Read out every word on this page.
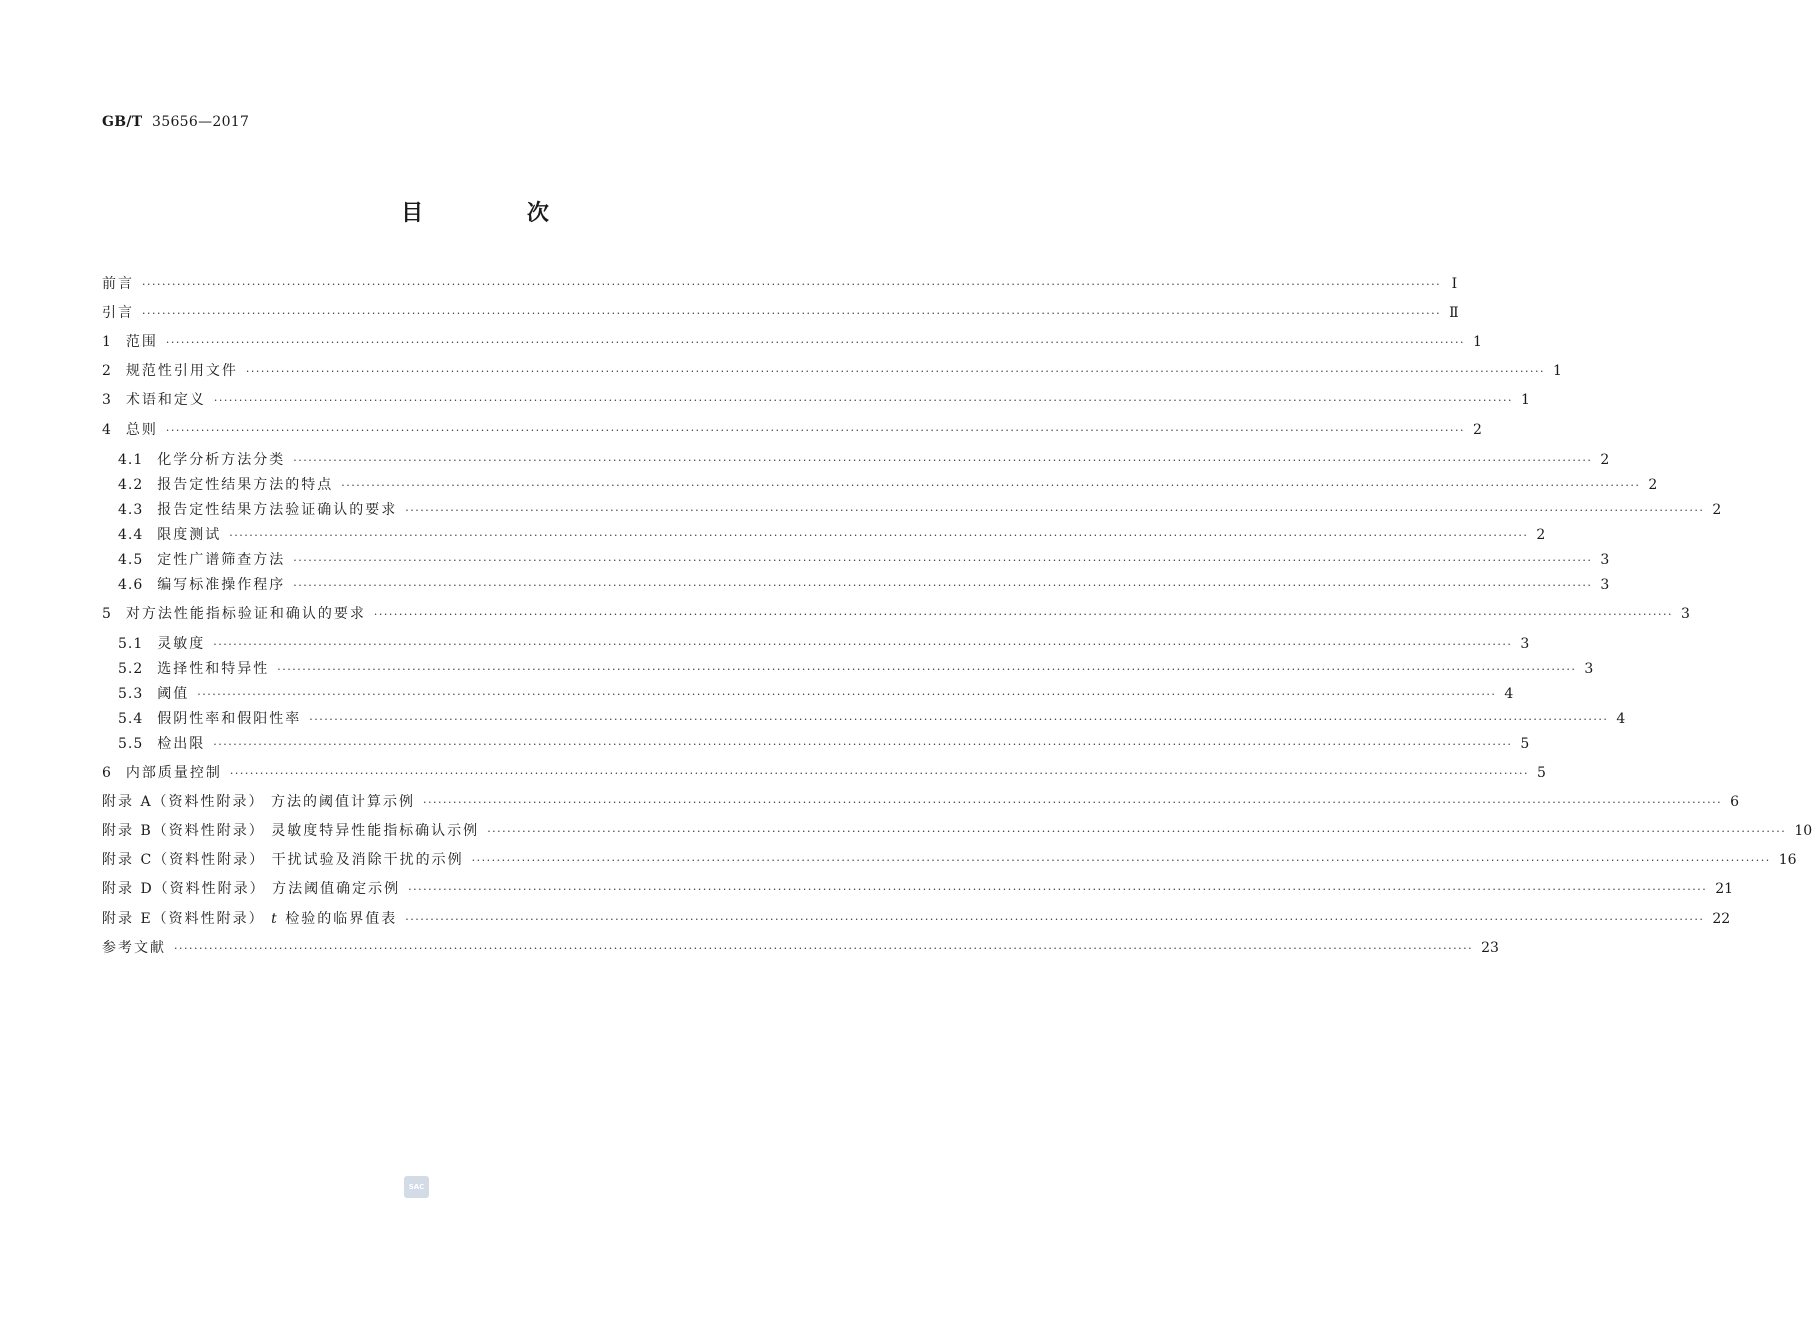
GB/T 35656—2017
目 次
前言 ···································································································································································································································································· Ⅰ
引言 ···································································································································································································································································· Ⅱ
1 范围 ···································································································································································································································································· 1
2 规范性引用文件 ···································································································································································································································································· 1
3 术语和定义 ···································································································································································································································································· 1
4 总则 ···································································································································································································································································· 2
4.1 化学分析方法分类 ···································································································································································································································································· 2
4.2 报告定性结果方法的特点 ···································································································································································································································································· 2
4.3 报告定性结果方法验证确认的要求 ···································································································································································································································································· 2
4.4 限度测试 ···································································································································································································································································· 2
4.5 定性广谱筛查方法 ···································································································································································································································································· 3
4.6 编写标准操作程序 ···································································································································································································································································· 3
5 对方法性能指标验证和确认的要求 ···································································································································································································································································· 3
5.1 灵敏度 ···································································································································································································································································· 3
5.2 选择性和特异性 ···································································································································································································································································· 3
5.3 阈值 ···································································································································································································································································· 4
5.4 假阴性率和假阳性率 ···································································································································································································································································· 4
5.5 检出限 ···································································································································································································································································· 5
6 内部质量控制 ···································································································································································································································································· 5
附录 A（资料性附录） 方法的阈值计算示例 ···································································································································································································································································· 6
附录 B（资料性附录） 灵敏度特异性能指标确认示例 ···································································································································································································································································· 10
附录 C（资料性附录） 干扰试验及消除干扰的示例 ···································································································································································································································································· 16
附录 D（资料性附录） 方法阈值确定示例 ···································································································································································································································································· 21
附录 E（资料性附录） t 检验的临界值表 ···································································································································································································································································· 22
参考文献 ···································································································································································································································································· 23
SAC
